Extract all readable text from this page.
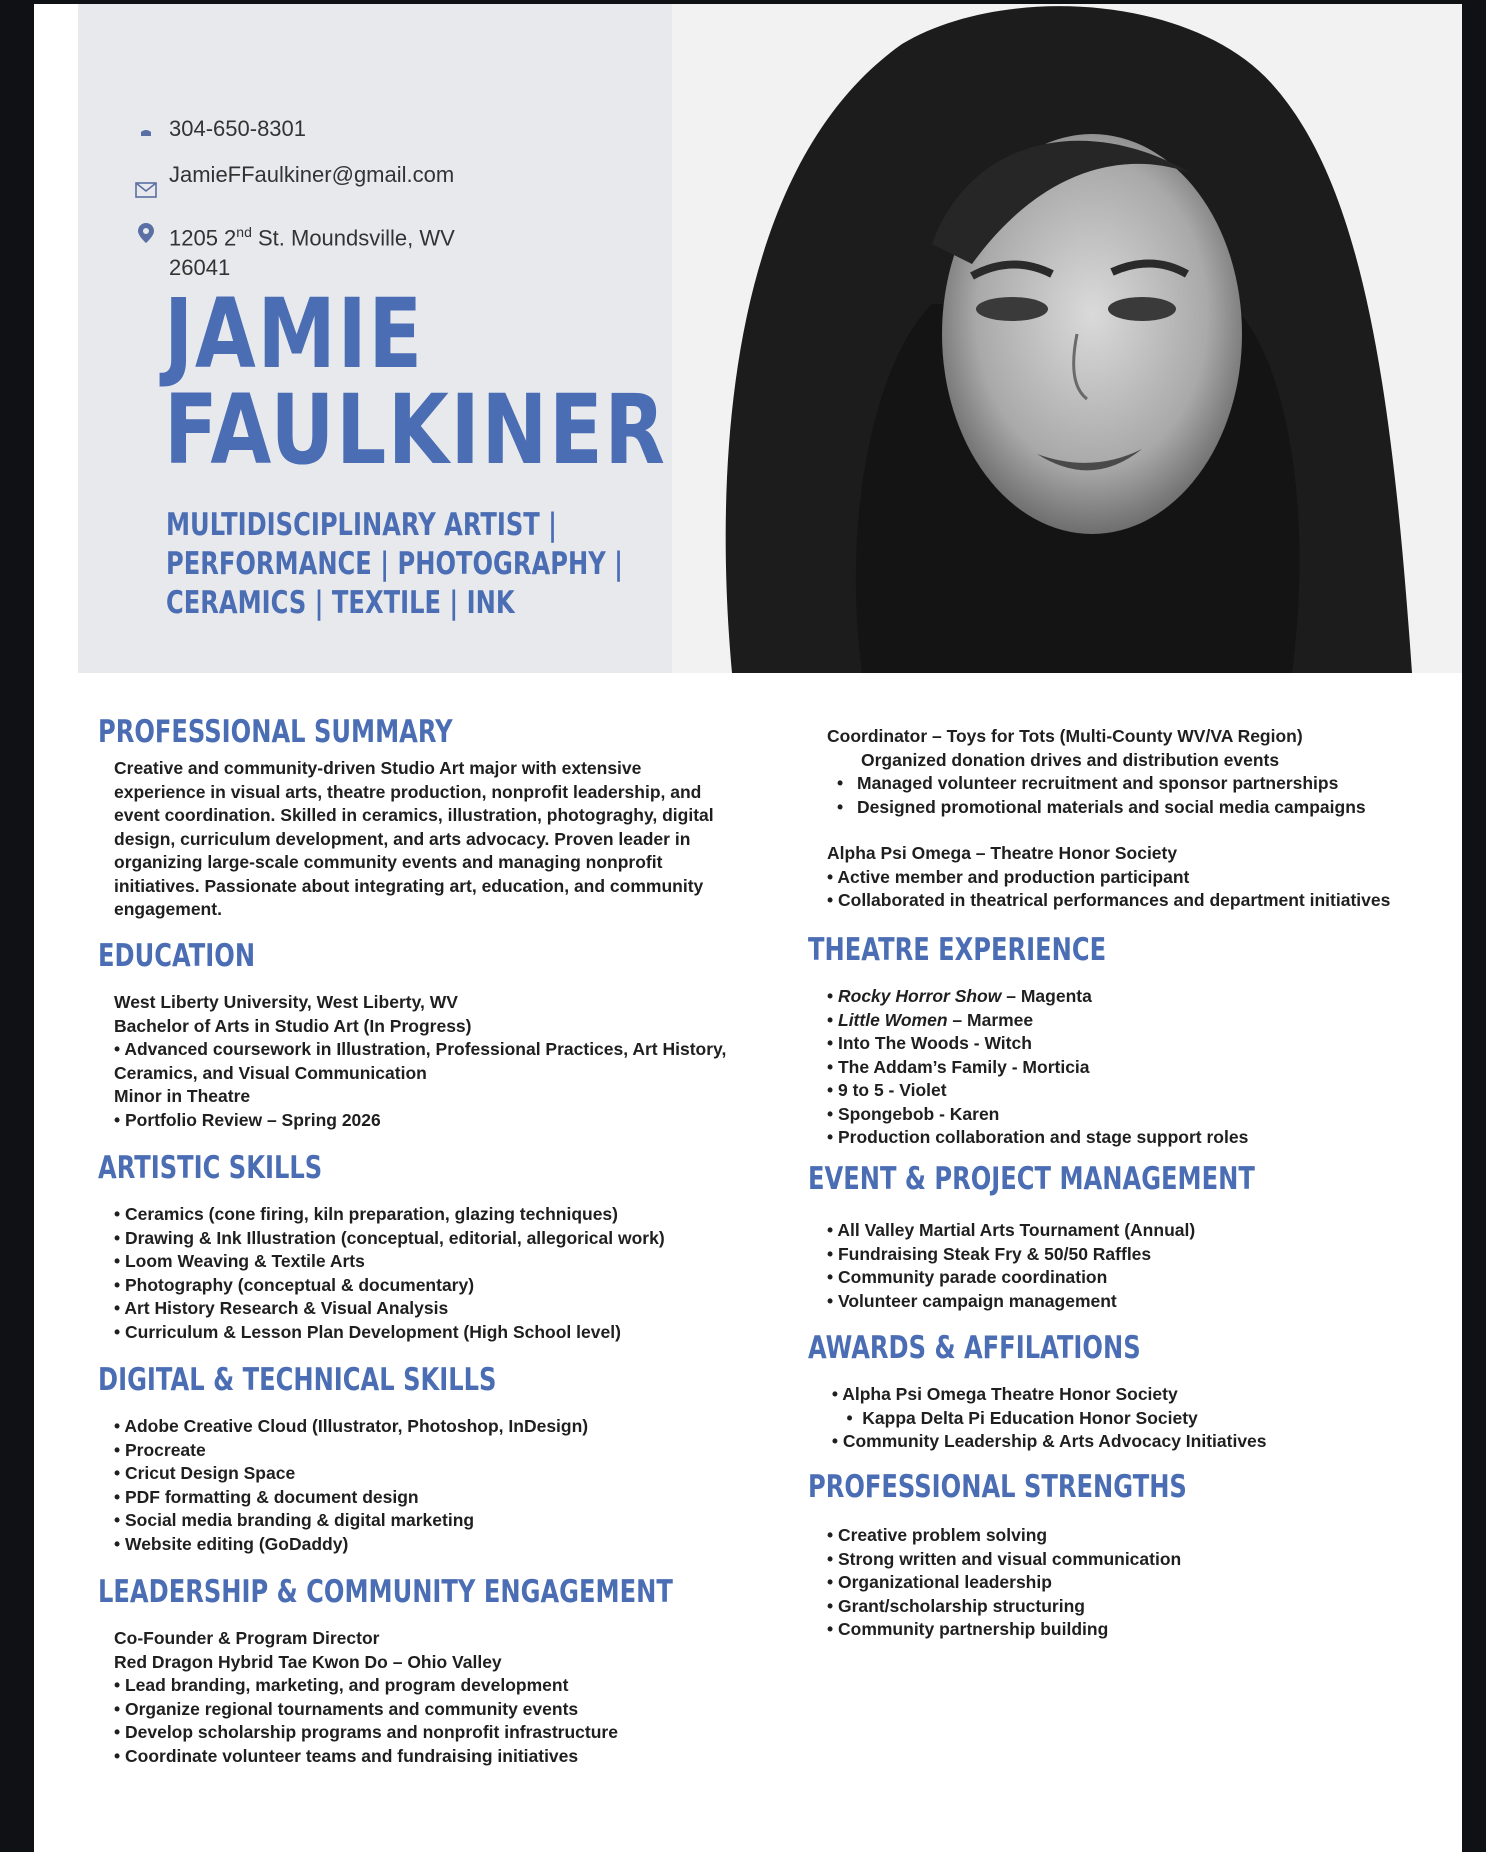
304-650-8301
JamieFFaulkiner@gmail.com
1205 2nd St. Moundsville, WV
26041
JAMIE
FAULKINER
MULTIDISCIPLINARY ARTIST |
PERFORMANCE | PHOTOGRAPHY |
CERAMICS | TEXTILE | INK
PROFESSIONAL SUMMARY
Creative and community-driven Studio Art major with extensive
experience in visual arts, theatre production, nonprofit leadership, and
event coordination. Skilled in ceramics, illustration, photograghy, digital
design, curriculum development, and arts advocacy. Proven leader in
organizing large-scale community events and managing nonprofit
initiatives. Passionate about integrating art, education, and community
engagement.
EDUCATION
West Liberty University, West Liberty, WV
Bachelor of Arts in Studio Art (In Progress)
• Advanced coursework in Illustration, Professional Practices, Art History,
Ceramics, and Visual Communication
Minor in Theatre
• Portfolio Review – Spring 2026
ARTISTIC SKILLS
• Ceramics (cone firing, kiln preparation, glazing techniques)
• Drawing & Ink Illustration (conceptual, editorial, allegorical work)
• Loom Weaving & Textile Arts
• Photography (conceptual & documentary)
• Art History Research & Visual Analysis
• Curriculum & Lesson Plan Development (High School level)
DIGITAL & TECHNICAL SKILLS
• Adobe Creative Cloud (Illustrator, Photoshop, InDesign)
• Procreate
• Cricut Design Space
• PDF formatting & document design
• Social media branding & digital marketing
• Website editing (GoDaddy)
LEADERSHIP & COMMUNITY ENGAGEMENT
Co-Founder & Program Director
Red Dragon Hybrid Tae Kwon Do – Ohio Valley
• Lead branding, marketing, and program development
• Organize regional tournaments and community events
• Develop scholarship programs and nonprofit infrastructure
• Coordinate volunteer teams and fundraising initiatives
Coordinator – Toys for Tots (Multi-County WV/VA Region)
Organized donation drives and distribution events
• Managed volunteer recruitment and sponsor partnerships
• Designed promotional materials and social media campaigns
Alpha Psi Omega – Theatre Honor Society
• Active member and production participant
• Collaborated in theatrical performances and department initiatives
THEATRE EXPERIENCE
• Rocky Horror Show – Magenta
• Little Women – Marmee
• Into The Woods - Witch
• The Addam’s Family - Morticia
• 9 to 5 - Violet
• Spongebob - Karen
• Production collaboration and stage support roles
EVENT & PROJECT MANAGEMENT
• All Valley Martial Arts Tournament (Annual)
• Fundraising Steak Fry & 50/50 Raffles
• Community parade coordination
• Volunteer campaign management
AWARDS & AFFILATIONS
• Alpha Psi Omega Theatre Honor Society
•  Kappa Delta Pi Education Honor Society
• Community Leadership & Arts Advocacy Initiatives
PROFESSIONAL STRENGTHS
• Creative problem solving
• Strong written and visual communication
• Organizational leadership
• Grant/scholarship structuring
• Community partnership building
